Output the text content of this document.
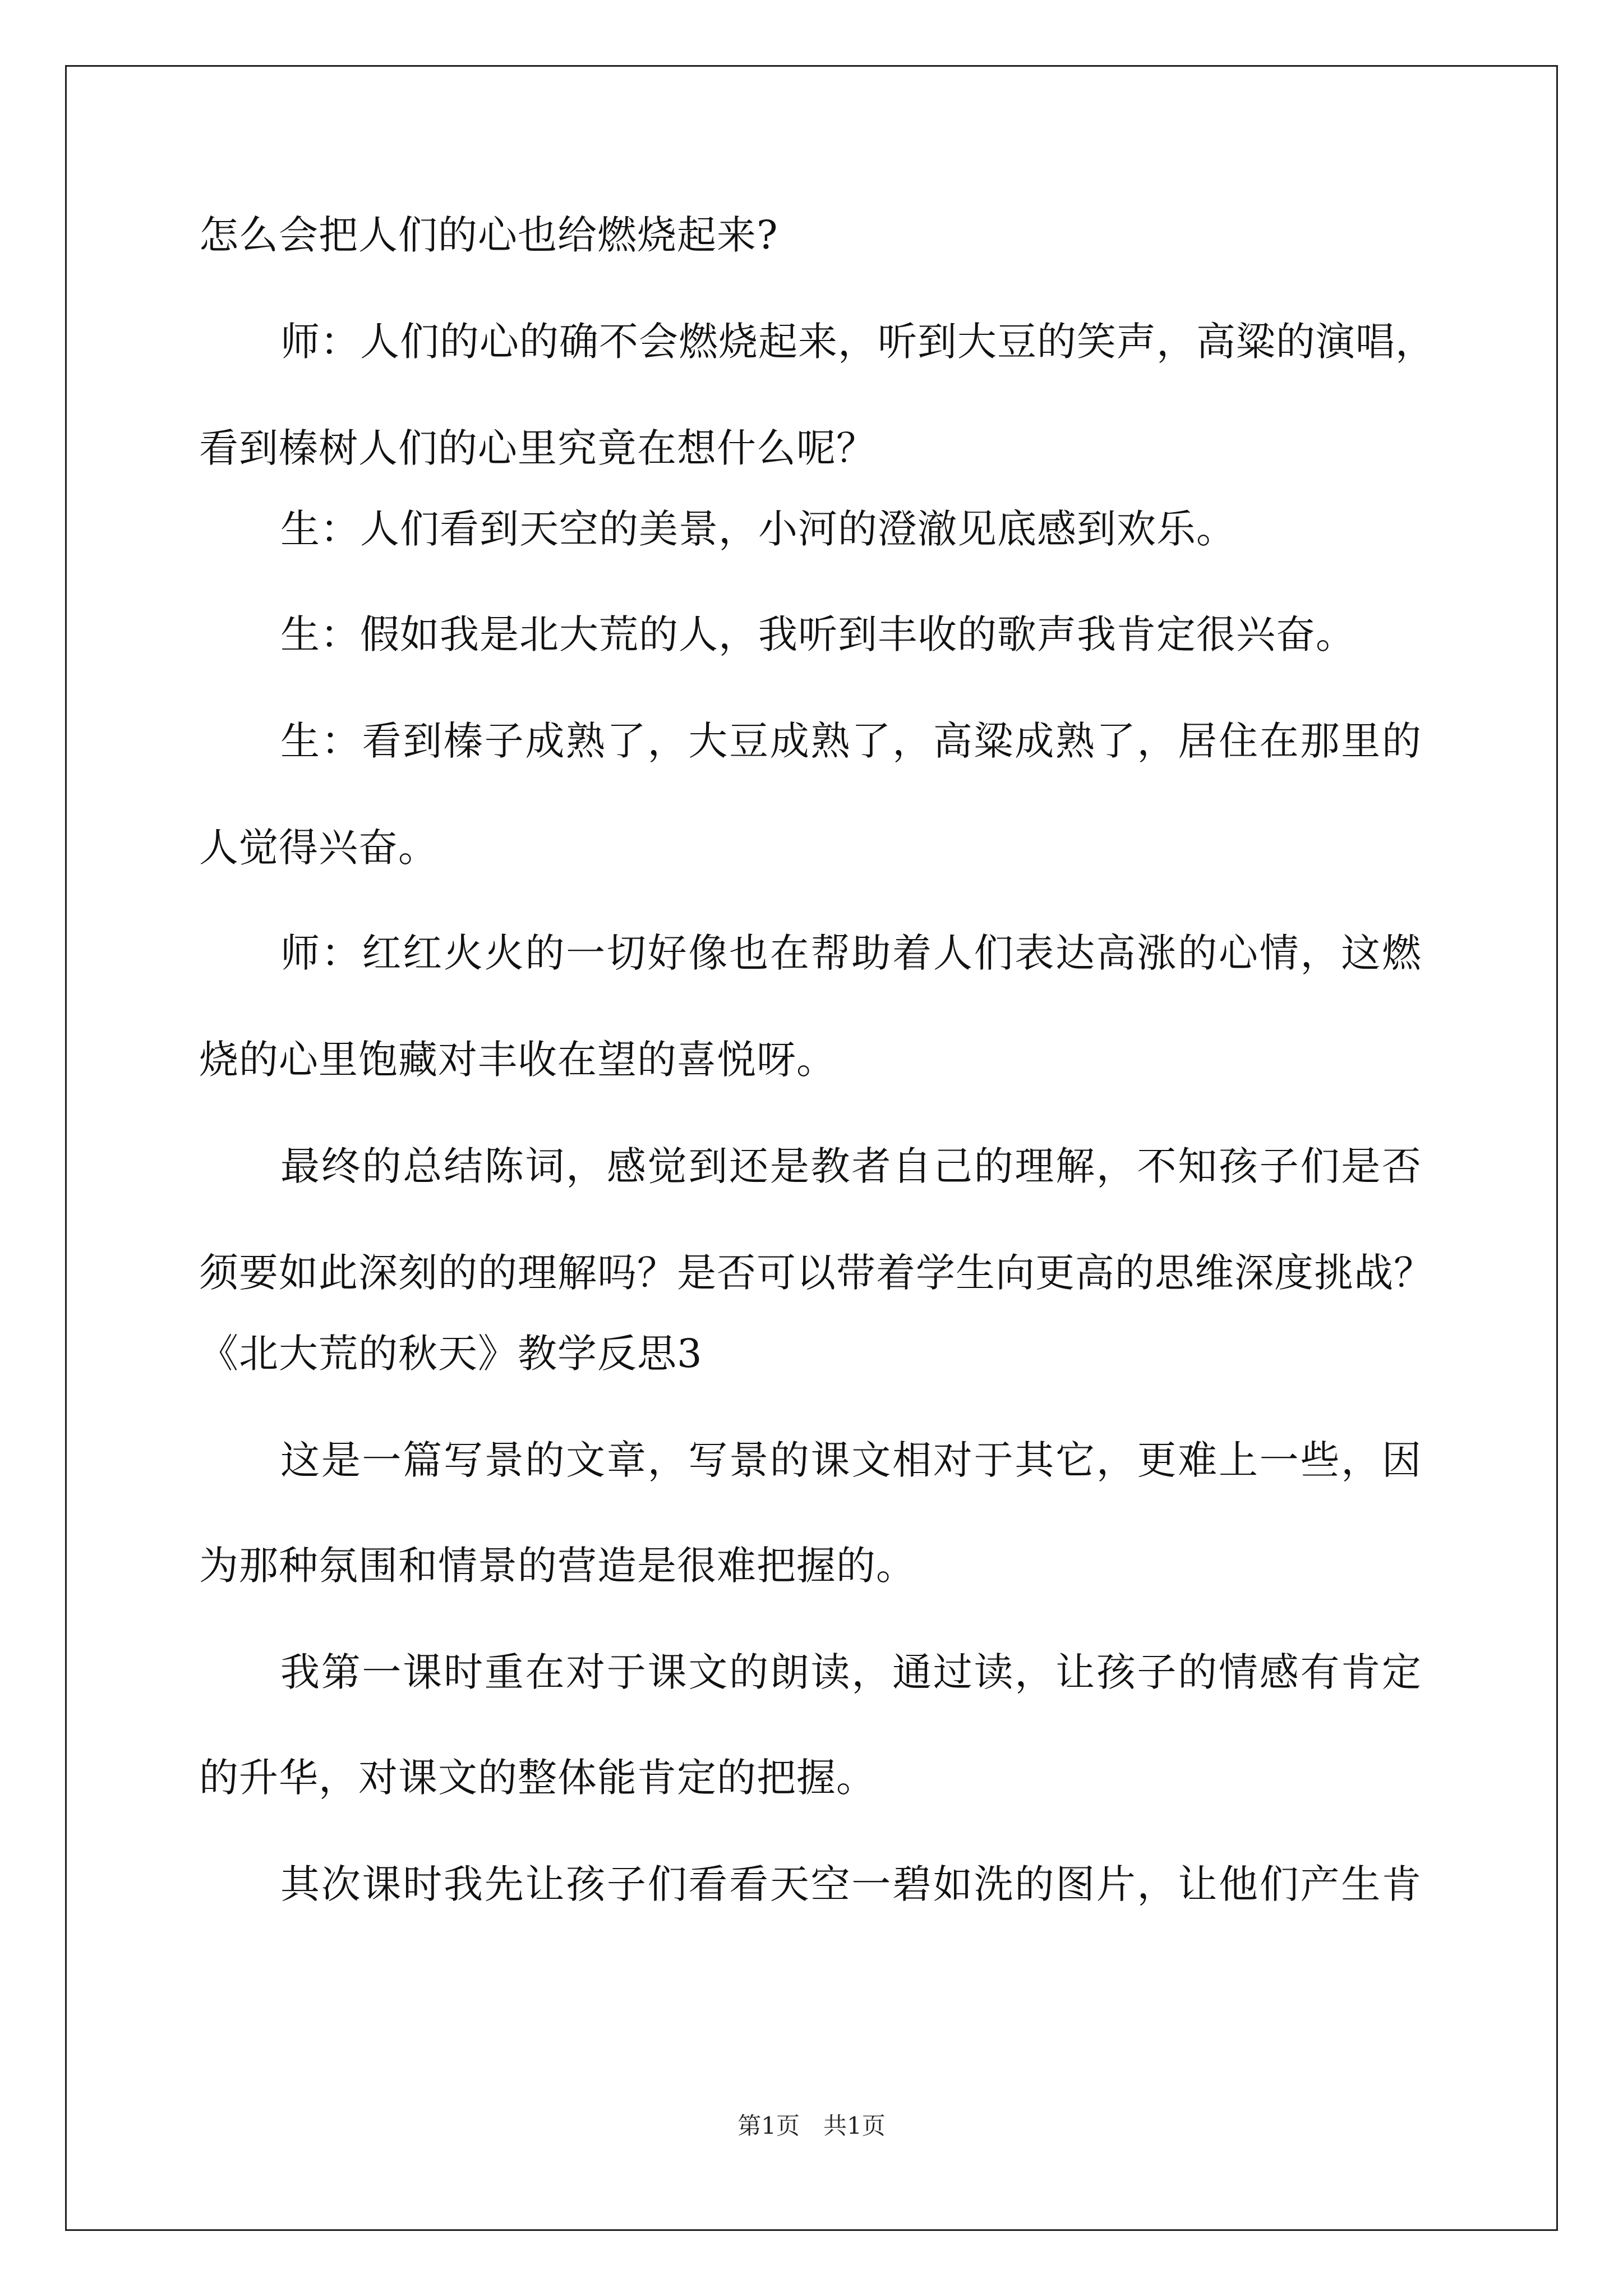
怎么会把人们的心也给燃烧起来?
师：人们的心的确不会燃烧起来，听到大豆的笑声，高粱的演唱，
看到榛树人们的心里究竟在想什么呢？
生：人们看到天空的美景，小河的澄澈见底感到欢乐。
生：假如我是北大荒的人，我听到丰收的歌声我肯定很兴奋。
生：看到榛子成熟了，大豆成熟了，高粱成熟了，居住在那里的
人觉得兴奋。
师：红红火火的一切好像也在帮助着人们表达高涨的心情，这燃
烧的心里饱藏对丰收在望的喜悦呀。
最终的总结陈词，感觉到还是教者自己的理解，不知孩子们是否
须要如此深刻的的理解吗？是否可以带着学生向更高的思维深度挑战？
《北大荒的秋天》教学反思3
这是一篇写景的文章，写景的课文相对于其它，更难上一些，因
为那种氛围和情景的营造是很难把握的。
我第一课时重在对于课文的朗读，通过读，让孩子的情感有肯定
的升华，对课文的整体能肯定的把握。
其次课时我先让孩子们看看天空一碧如洗的图片，让他们产生肯
第1页　共1页
